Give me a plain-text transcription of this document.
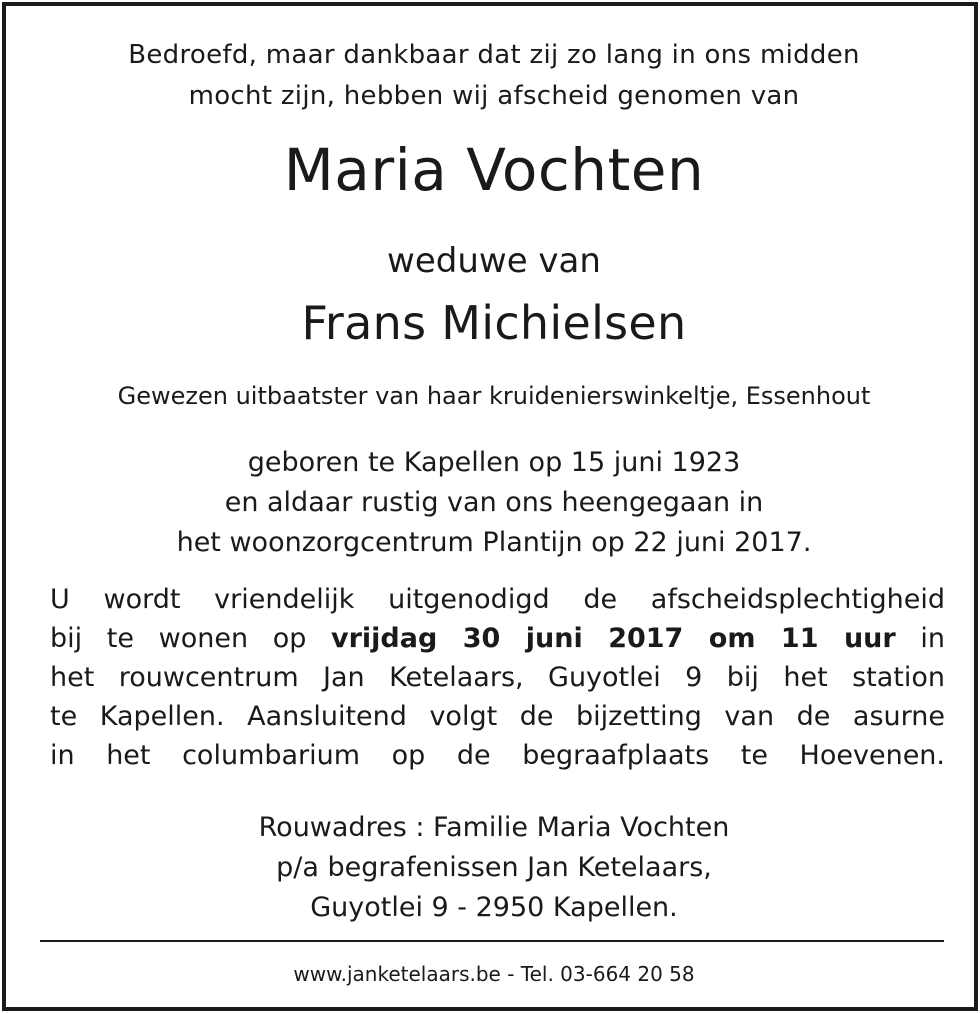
Bedroefd, maar dankbaar dat zij zo lang in ons midden
mocht zijn, hebben wij afscheid genomen van
Maria Vochten
weduwe van
Frans Michielsen
Gewezen uitbaatster van haar kruidenierswinkeltje, Essenhout
geboren te Kapellen op 15 juni 1923
en aldaar rustig van ons heengegaan in
het woonzorgcentrum Plantijn op 22 juni 2017.
U wordt vriendelijk uitgenodigd de afscheidsplechtigheid
bij te wonen op vrijdag 30 juni 2017 om 11 uur in
het rouwcentrum Jan Ketelaars, Guyotlei 9 bij het station
te Kapellen. Aansluitend volgt de bijzetting van de asurne
in het columbarium op de begraafplaats te Hoevenen.
Rouwadres : Familie Maria Vochten
p/a begrafenissen Jan Ketelaars,
Guyotlei 9 - 2950 Kapellen.
www.janketelaars.be - Tel. 03-664 20 58
